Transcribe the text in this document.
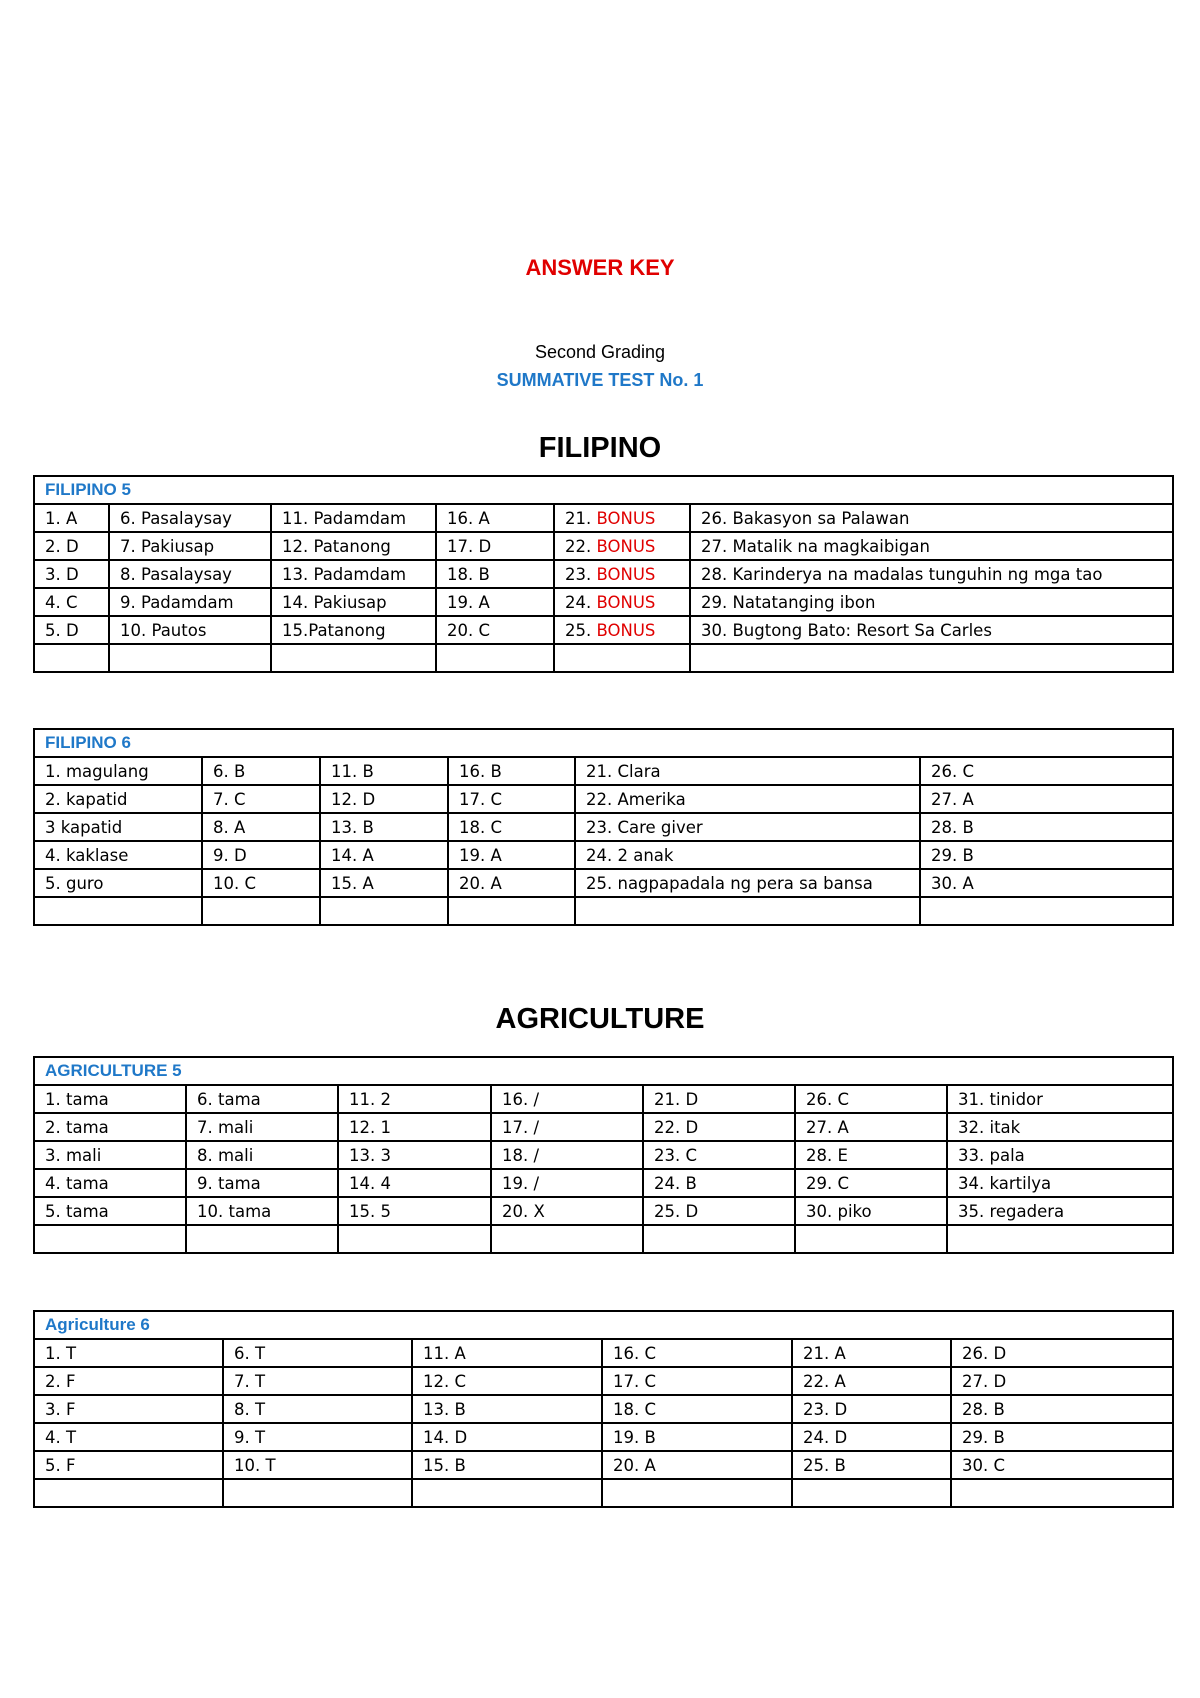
ANSWER KEY
Second Grading
SUMMATIVE TEST No. 1
FILIPINO
FILIPINO 5					
1. A	6. Pasalaysay	11. Padamdam	16. A	21. BONUS	26. Bakasyon sa Palawan
2. D	7. Pakiusap	12. Patanong	17. D	22. BONUS	27. Matalik na magkaibigan
3. D	8. Pasalaysay	13. Padamdam	18. B	23. BONUS	28. Karinderya na madalas tunguhin ng mga tao
4. C	9. Padamdam	14. Pakiusap	19. A	24. BONUS	29. Natatanging ibon
5. D	10. Pautos	15.Patanong	20. C	25. BONUS	30. Bugtong Bato: Resort Sa Carles

FILIPINO 6					
1. magulang	6. B	11. B	16. B	21. Clara	26. C
2. kapatid	7. C	12. D	17. C	22. Amerika	27. A
3 kapatid	8. A	13. B	18. C	23. Care giver	28. B
4. kaklase	9. D	14. A	19. A	24. 2 anak	29. B
5. guro	10. C	15. A	20. A	25. nagpapadala ng pera sa bansa	30. A

AGRICULTURE
AGRICULTURE 5						
1. tama	6. tama	11. 2	16. /	21. D	26. C	31. tinidor
2. tama	7. mali	12. 1	17. /	22. D	27. A	32. itak
3. mali	8. mali	13. 3	18. /	23. C	28. E	33. pala
4. tama	9. tama	14. 4	19. /	24. B	29. C	34. kartilya
5. tama	10. tama	15. 5	20. X	25. D	30. piko	35. regadera

Agriculture 6					
1. T	6. T	11. A	16. C	21. A	26. D
2. F	7. T	12. C	17. C	22. A	27. D
3. F	8. T	13. B	18. C	23. D	28. B
4. T	9. T	14. D	19. B	24. D	29. B
5. F	10. T	15. B	20. A	25. B	30. C
